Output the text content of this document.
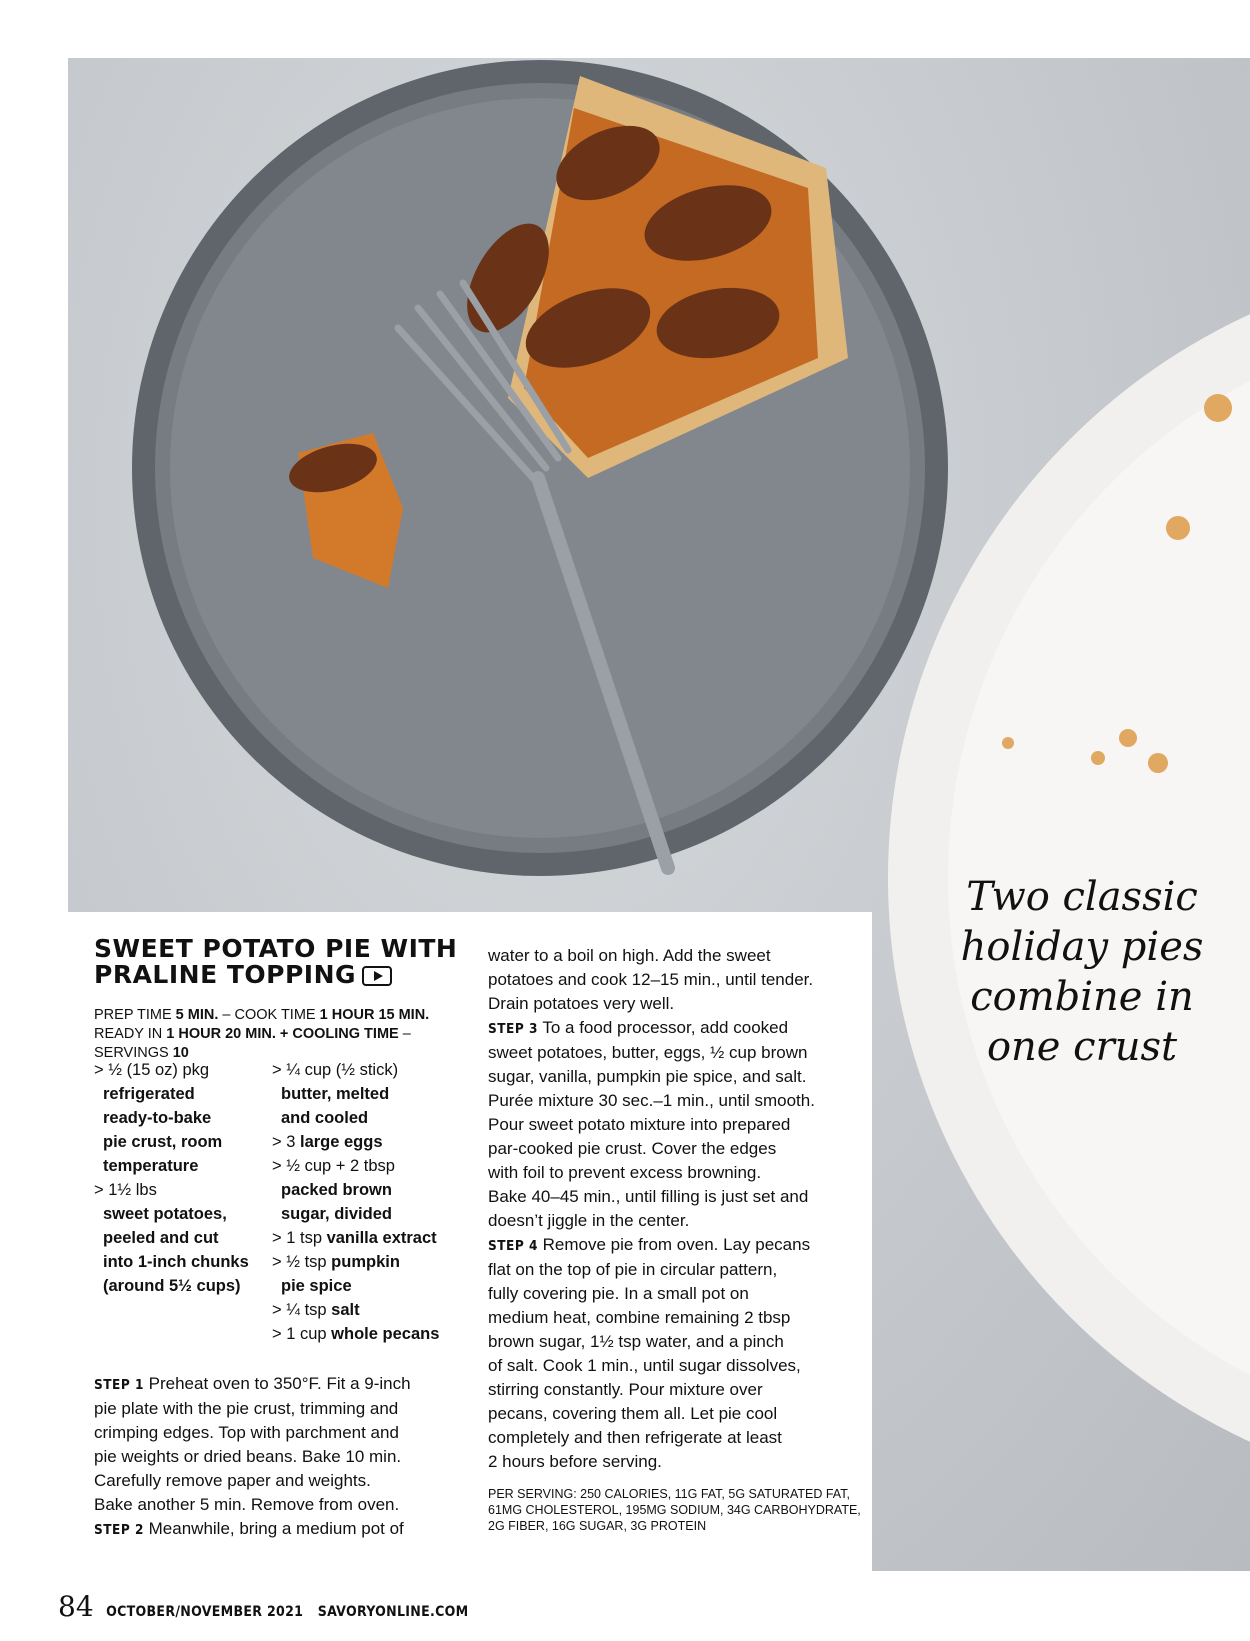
Two classic
holiday pies
combine in
one crust
SWEET POTATO PIE WITH
PRALINE TOPPING
PREP TIME 5 MIN. – COOK TIME 1 HOUR 15 MIN.
READY IN 1 HOUR 20 MIN. + COOLING TIME – SERVINGS 10
> ½ (15 oz) pkg
refrigerated
ready-to-bake
pie crust, room
temperature
> 1½ lbs
sweet potatoes,
peeled and cut
into 1-inch chunks
(around 5½ cups)
> ¼ cup (½ stick)
butter, melted
and cooled
> 3 large eggs
> ½ cup + 2 tbsp
packed brown
sugar, divided
> 1 tsp vanilla extract
> ½ tsp pumpkin
pie spice
> ¼ tsp salt
> 1 cup whole pecans
STEP 1 Preheat oven to 350°F. Fit a 9-inch
pie plate with the pie crust, trimming and
crimping edges. Top with parchment and
pie weights or dried beans. Bake 10 min.
Carefully remove paper and weights.
Bake another 5 min. Remove from oven.
STEP 2 Meanwhile, bring a medium pot of
water to a boil on high. Add the sweet
potatoes and cook 12–15 min., until tender.
Drain potatoes very well.
STEP 3 To a food processor, add cooked
sweet potatoes, butter, eggs, ½ cup brown
sugar, vanilla, pumpkin pie spice, and salt.
Purée mixture 30 sec.–1 min., until smooth.
Pour sweet potato mixture into prepared
par-cooked pie crust. Cover the edges
with foil to prevent excess browning.
Bake 40–45 min., until filling is just set and
doesn’t jiggle in the center.
STEP 4 Remove pie from oven. Lay pecans
flat on the top of pie in circular pattern,
fully covering pie. In a small pot on
medium heat, combine remaining 2 tbsp
brown sugar, 1½ tsp water, and a pinch
of salt. Cook 1 min., until sugar dissolves,
stirring constantly. Pour mixture over
pecans, covering them all. Let pie cool
completely and then refrigerate at least
2 hours before serving.
PER SERVING: 250 CALORIES, 11G FAT, 5G SATURATED FAT,
61MG CHOLESTEROL, 195MG SODIUM, 34G CARBOHYDRATE,
2G FIBER, 16G SUGAR, 3G PROTEIN
84 OCTOBER/NOVEMBER 2021 SAVORYONLINE.COM
